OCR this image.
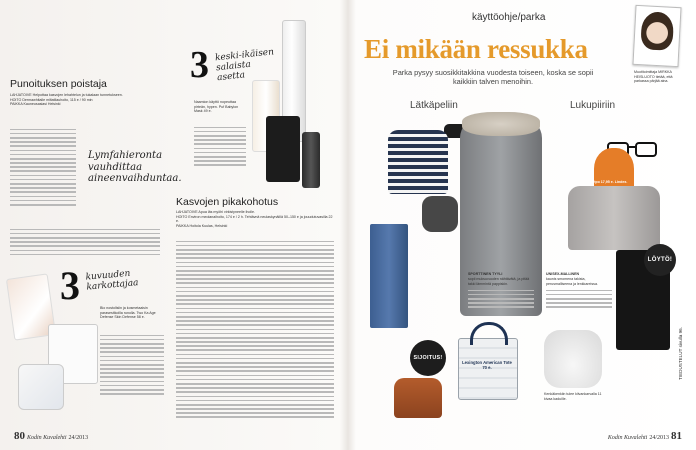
Punoituksen poistaja
LAHJATOIVE Helpottaa kasvojen lehahtelun ja tukalaan tunnetukseen.
HOITO Dermawhitalle miltatilauhoito, 115 e / 90 min
PAIKKA Kauneusasiasi Helsinki
Lymfahieronta vauhdittaa aineenvaihduntaa.
3 keski-ikäisen salaista asetta
Naamion käyttö nopeuttaa pirteän, hypen. Puf Babylon Mask 49 e.
Kasvojen pikakohotus
LAHJATOIVE Apua läs myöhi virkistyneelle iholle.
HOITO Environ meolanaihoito, 174 e / 2 h. Tehtävnä neulaskynäillä 50–150 e ja jouudutuvasilla 22 e.
PAIKKA Hoitola Kuulas, Helsinki
3 kuvuuden karkottajaa
Bio nostollsiin ja kosmetaaisin parasesitkoilla runolla. Two Ka Age Defense Skin Defense 58 e.
80 Kodin Kuvalehti 24/2013
käyttöohje/parka
Ei mikään ressukka
Parka pysyy suosikkitakkina vuodesta toiseen, koska se sopii kaikkiin talven menoihin.
Muotitoimittaja MIRKKA HEISLUOTO tietää, että parkassa pärjää aina.
Lätkäpeliin	Lukupiiriin
Pipo 17,95 e. Lindex.
LÖYTÖ!
SIJOITUS!
Lexington American Tote 70 e.
SPORTTINEN TYYLI
sopii muksuvuoden nähtävätä, ja pitää takki lämmintä pappiskin.
UNISEX-MALLINEN
kaunis smomena takista, perusmalliseena ja lenkkareissa.
Kenkäkenkiin tulee kiivankarvalla 11 kivaa kaduille.
TIEDUSTELUT sivulla 96.
Kodin Kuvalehti 24/2013 81
